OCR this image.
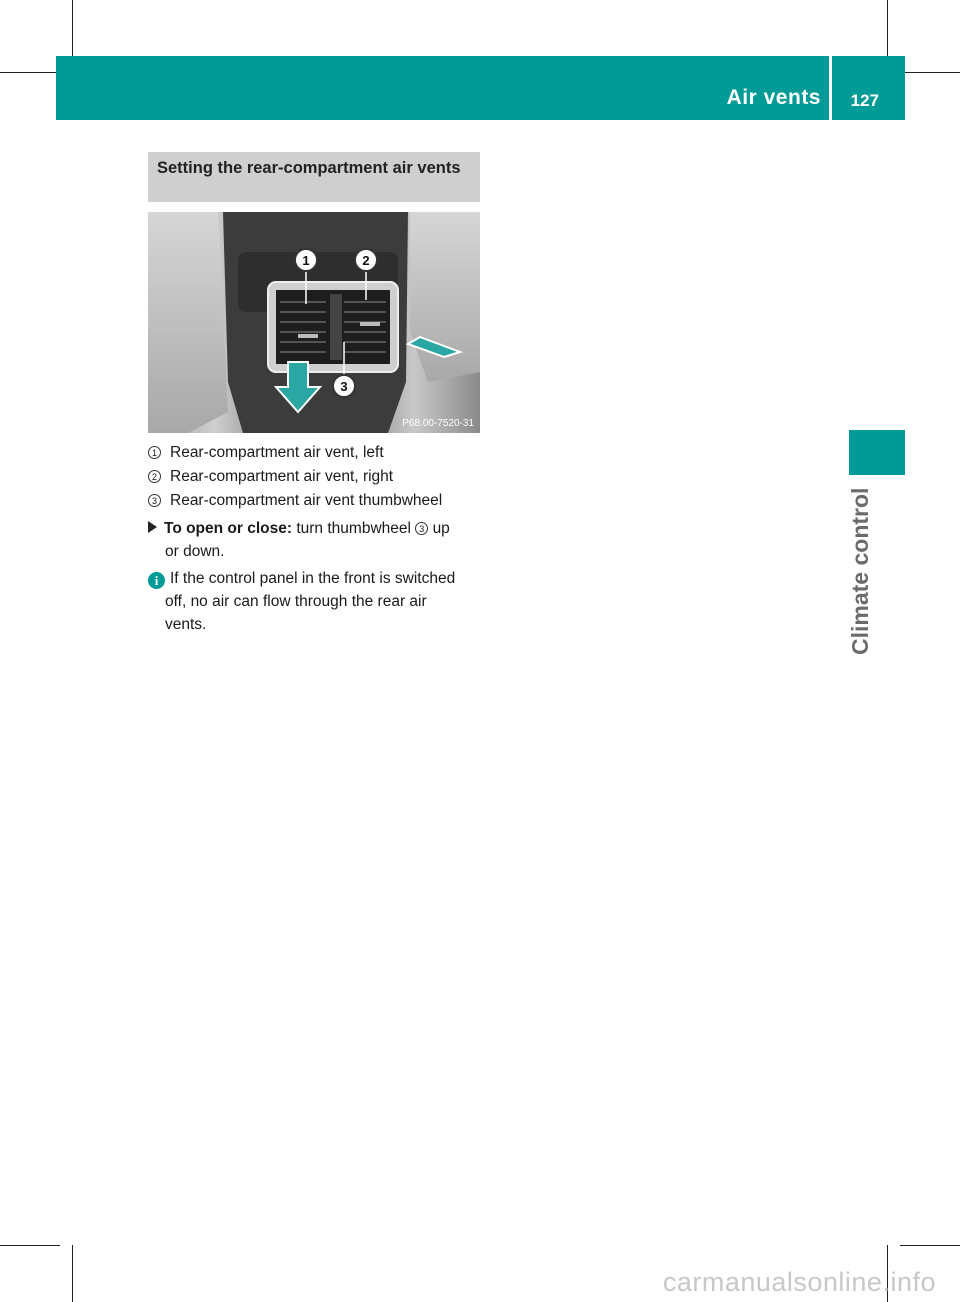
Air vents 127
Climate control
Setting the rear-compartment air vents
1	2
3
P68.00-7520-31
1 Rear-compartment air vent, left
2 Rear-compartment air vent, right
3 Rear-compartment air vent thumbwheel
To open or close: turn thumbwheel 3 up
or down.
i If the control panel in the front is switched
off, no air can flow through the rear air
vents.
carmanualsonline.info
